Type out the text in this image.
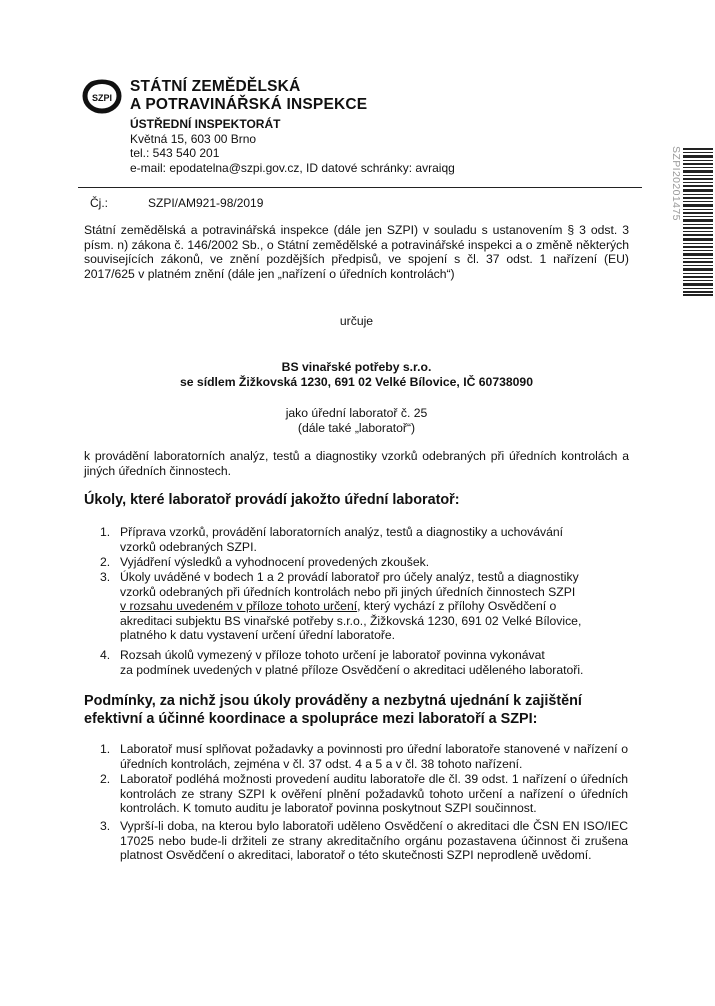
SZPI
STÁTNÍ ZEMĚDĚLSKÁ
A POTRAVINÁŘSKÁ INSPEKCE
ÚSTŘEDNÍ INSPEKTORÁT
Květná 15, 603 00 Brno
tel.: 543 540 201
e-mail: epodatelna@szpi.gov.cz, ID datové schránky: avraiqg	SZPI20201475
Čj.:	SZPI/AM921-98/2019
Státní zemědělská a potravinářská inspekce (dále jen SZPI) v souladu s ustanovením § 3 odst. 3 písm. n) zákona č. 146/2002 Sb., o Státní zemědělské a potravinářské inspekci a o změně některých souvisejících zákonů, ve znění pozdějších předpisů, ve spojení s čl. 37 odst. 1 nařízení (EU) 2017/625 v platném znění (dále jen „nařízení o úředních kontrolách“)
určuje
BS vinařské potřeby s.r.o.
se sídlem Žižkovská 1230, 691 02 Velké Bílovice, IČ 60738090
jako úřední laboratoř č. 25
(dále také „laboratoř“)
k provádění laboratorních analýz, testů a diagnostiky vzorků odebraných při úředních kontrolách a jiných úředních činnostech.
Úkoly, které laboratoř provádí jakožto úřední laboratoř:
1. Příprava vzorků, provádění laboratorních analýz, testů a diagnostiky a uchovávání
vzorků odebraných SZPI.
2. Vyjádření výsledků a vyhodnocení provedených zkoušek.
3. Úkoly uváděné v bodech 1 a 2 provádí laboratoř pro účely analýz, testů a diagnostiky
vzorků odebraných při úředních kontrolách nebo při jiných úředních činnostech SZPI
v rozsahu uvedeném v příloze tohoto určení, který vychází z přílohy Osvědčení o
akreditaci subjektu BS vinařské potřeby s.r.o., Žižkovská 1230, 691 02 Velké Bílovice,
platného k datu vystavení určení úřední laboratoře.
4. Rozsah úkolů vymezený v příloze tohoto určení je laboratoř povinna vykonávat
za podmínek uvedených v platné příloze Osvědčení o akreditaci uděleného laboratoři.
Podmínky, za nichž jsou úkoly prováděny a nezbytná ujednání k zajištění
efektivní a účinné koordinace a spolupráce mezi laboratoří a SZPI:
1. Laboratoř musí splňovat požadavky a povinnosti pro úřední laboratoře stanovené v nařízení o úředních kontrolách, zejména v čl. 37 odst. 4 a 5 a v čl. 38 tohoto nařízení.
2. Laboratoř podléhá možnosti provedení auditu laboratoře dle čl. 39 odst. 1 nařízení o úředních kontrolách ze strany SZPI k ověření plnění požadavků tohoto určení a nařízení o úředních kontrolách. K tomuto auditu je laboratoř povinna poskytnout SZPI součinnost.
3. Vyprší-li doba, na kterou bylo laboratoři uděleno Osvědčení o akreditaci dle ČSN EN ISO/IEC 17025 nebo bude-li držiteli ze strany akreditačního orgánu pozastavena účinnost či zrušena platnost Osvědčení o akreditaci, laboratoř o této skutečnosti SZPI neprodleně uvědomí.
